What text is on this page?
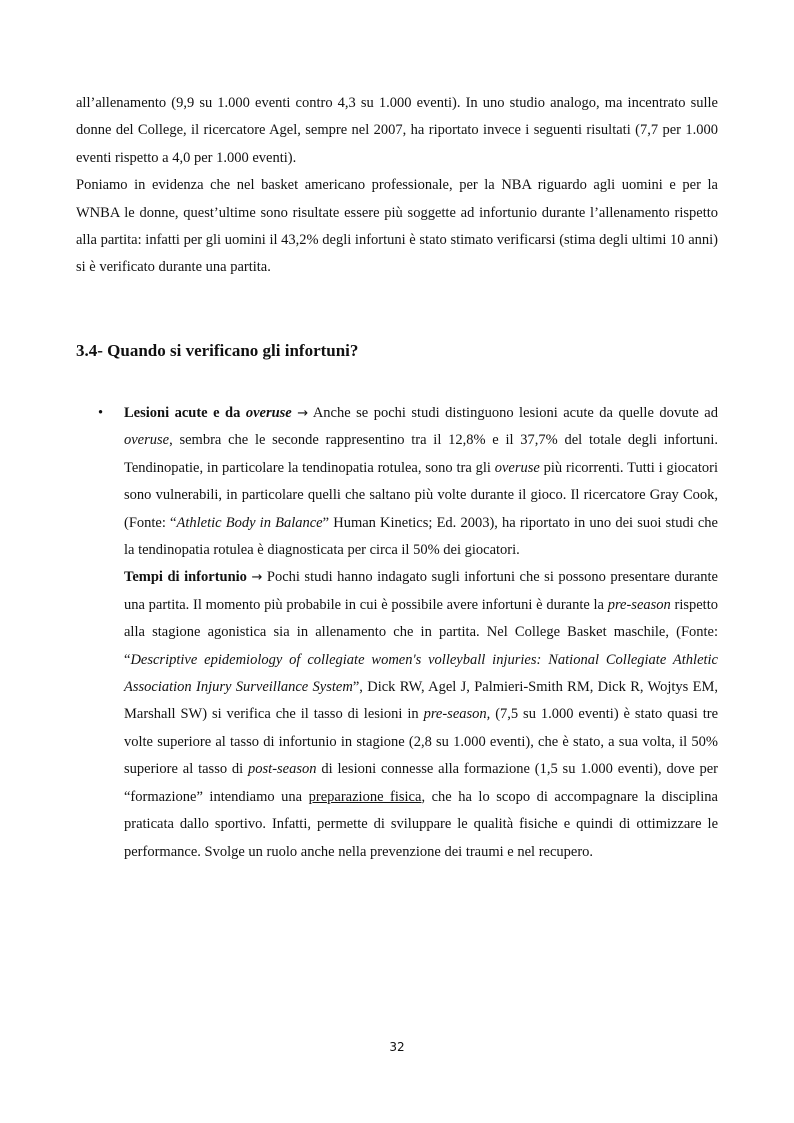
all’allenamento (9,9 su 1.000 eventi contro 4,3 su 1.000 eventi). In uno studio analogo, ma incentrato sulle donne del College, il ricercatore Agel, sempre nel 2007, ha riportato invece i seguenti risultati (7,7 per 1.000 eventi rispetto a 4,0 per 1.000 eventi).

Poniamo in evidenza che nel basket americano professionale, per la NBA riguardo agli uomini e per la WNBA le donne, quest’ultime sono risultate essere più soggette ad infortunio durante l’allenamento rispetto alla partita: infatti per gli uomini il 43,2% degli infortuni è stato stimato verificarsi (stima degli ultimi 10 anni) si è verificato durante una partita.

3.4- Quando si verificano gli infortuni?
• Lesioni acute e da overuse → Anche se pochi studi distinguono lesioni acute da quelle dovute ad overuse, sembra che le seconde rappresentino tra il 12,8% e il 37,7% del totale degli infortuni. Tendinopatie, in particolare la tendinopatia rotulea, sono tra gli overuse più ricorrenti. Tutti i giocatori sono vulnerabili, in particolare quelli che saltano più volte durante il gioco. Il ricercatore Gray Cook, (Fonte: “Athletic Body in Balance” Human Kinetics; Ed. 2003), ha riportato in uno dei suoi studi che la tendinopatia rotulea è diagnosticata per circa il 50% dei giocatori.

Tempi di infortunio → Pochi studi hanno indagato sugli infortuni che si possono presentare durante una partita. Il momento più probabile in cui è possibile avere infortuni è durante la pre-season rispetto alla stagione agonistica sia in allenamento che in partita. Nel College Basket maschile, (Fonte: “Descriptive epidemiology of collegiate women's volleyball injuries: National Collegiate Athletic Association Injury Surveillance System”, Dick RW, Agel J, Palmieri-Smith RM, Dick R, Wojtys EM, Marshall SW) si verifica che il tasso di lesioni in pre-season, (7,5 su 1.000 eventi) è stato quasi tre volte superiore al tasso di infortunio in stagione (2,8 su 1.000 eventi), che è stato, a sua volta, il 50% superiore al tasso di post-season di lesioni connesse alla formazione (1,5 su 1.000 eventi), dove per “formazione” intendiamo una preparazione fisica, che ha lo scopo di accompagnare la disciplina praticata dallo sportivo. Infatti, permette di sviluppare le qualità fisiche e quindi di ottimizzare le performance. Svolge un ruolo anche nella prevenzione dei traumi e nel recupero.

32
